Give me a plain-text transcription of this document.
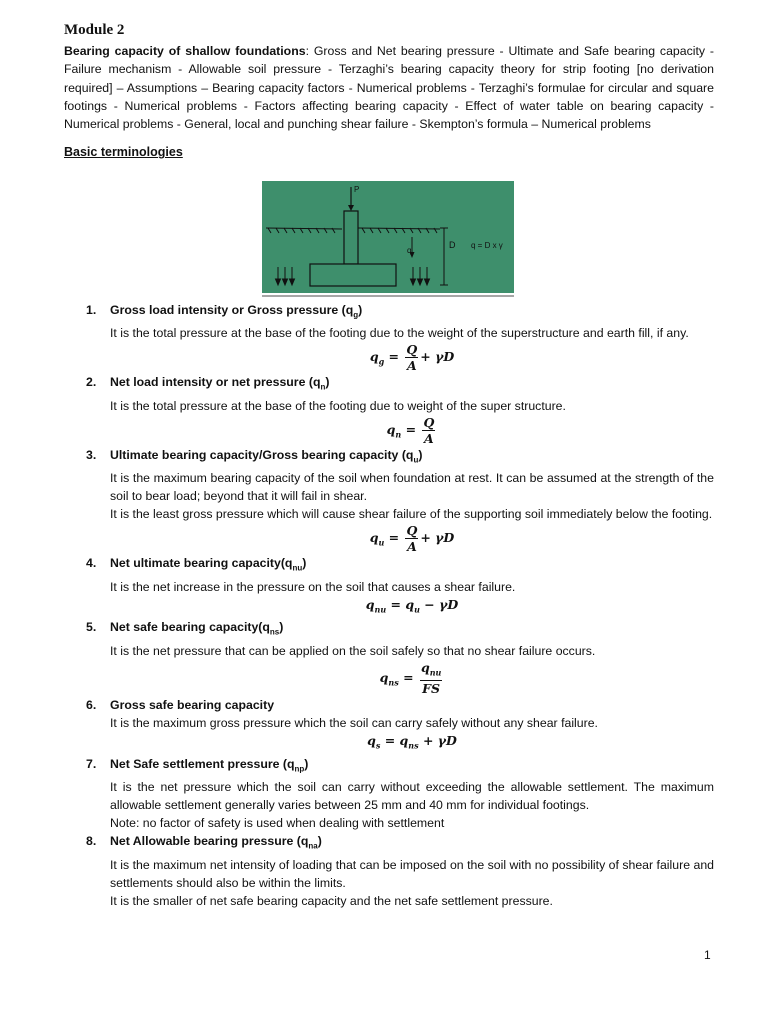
Module 2

Bearing capacity of shallow foundations: Gross and Net bearing pressure - Ultimate and Safe bearing capacity - Failure mechanism - Allowable soil pressure - Terzaghi’s bearing capacity theory for strip footing [no derivation required] – Assumptions – Bearing capacity factors - Numerical problems - Terzaghi’s formulae for circular and square footings - Numerical problems - Factors affecting bearing capacity - Effect of water table on bearing capacity - Numerical problems - General, local and punching shear failure - Skempton’s formula – Numerical problems

Basic terminologies
P
q
D q = D x γ
1. Gross load intensity or Gross pressure $(q_g)$

It is the total pressure at the base of the footing due to the weight of the superstructure and earth fill, if any.

$q_g = \frac{Q}{A} + \gamma D$
2. Net load intensity or net pressure $(q_n)$

It is the total pressure at the base of the footing due to weight of the super structure.

$q_n = \frac{Q}{A}$
3. Ultimate bearing capacity/Gross bearing capacity $(q_u)$

It is the maximum bearing capacity of the soil when foundation at rest. It can be assumed at the strength of the soil to bear load; beyond that it will fail in shear.

It is the least gross pressure which will cause shear failure of the supporting soil immediately below the footing.

$q_u = \frac{Q}{A} + \gamma D$
4. Net ultimate bearing $capacity(q_{nu})$

It is the net increase in the pressure on the soil that causes a shear failure.

$q_{nu} = q_u - \gamma D$
5. Net safe bearing $capacity(q_{ns})$

It is the net pressure that can be applied on the soil safely so that no shear failure occurs.

$q_{ns} = \frac{q_{nu}}{FS}$
6. Gross safe bearing capacity

It is the maximum gross pressure which the soil can carry safely without any shear failure.

$q_s = q_{ns} + \gamma D$
7. Net Safe settlement pressure $(q_{np})$

It is the net pressure which the soil can carry without exceeding the allowable settlement. The maximum allowable settlement generally varies between 25 mm and 40 mm for individual footings.

Note: no factor of safety is used when dealing with settlement

8. Net Allowable bearing pressure $(q_{na})$

It is the maximum net intensity of loading that can be imposed on the soil with no possibility of shear failure and settlements should also be within the limits.

It is the smaller of net safe bearing capacity and the net safe settlement pressure.

1
